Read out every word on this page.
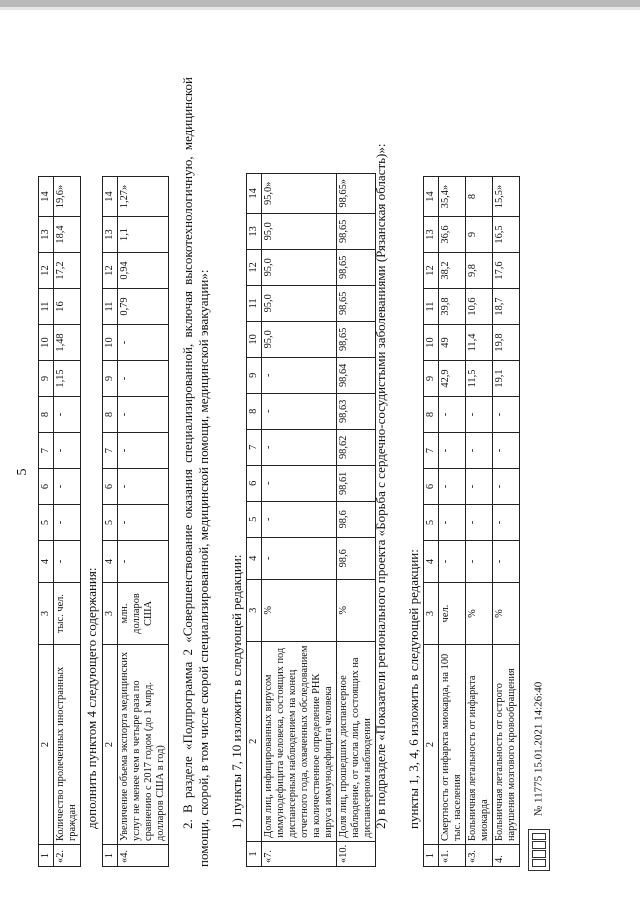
5
1	2	3	4	5	6	7	8	9	10	11	12	13	14
«2.	Количество пролеченных иностранных граждан	тыс. чел.	-	-	-	-	-	1,15	1,48	16	17,2	18,4	19,6»
дополнить пунктом 4 следующего содержания:
1	2	3	4	5	6	7	8	9	10	11	12	13	14
«4.	Увеличение объема экспорта медицинских услуг не менее чем в четыре раза по сравнению с 2017 годом (до 1 млрд. долларов США в год)	млн. долларов США	-	-	-	-	-	-	-	0,79	0,94	1,1	1,27»	2. В разделе «Подпрограмма 2 «Совершенствование оказания специализированной, включая высокотехнологичную, медицинской помощи, скорой, в том числе скорой специализированной, медицинской помощи, медицинской эвакуации»: 1) пункты 7, 10 изложить в следующей редакции:
1	2	3	4	5	6	7	8	9	10	11	12	13	14
«7.	Доля лиц, инфицированных вирусом иммунодефицита человека, состоящих под диспансерным наблюдением на конец отчетного года, охваченных обследованием на количественное определение РНК вируса иммунодефицита человека	%	-	-	-	-	-	-	95,0	95,0	95,0	95,0	95,0»
«10.	Доля лиц, прошедших диспансерное наблюдение, от числа лиц, состоящих на диспансерном наблюдении	%	98,6	98,6	98,61	98,62	98,63	98,64	98,65	98,65	98,65	98,65	98,65» 2) в подразделе «Показатели регионального проекта «Борьба с сердечно-сосудистыми заболеваниями (Рязанская область)»: пункты 1, 3, 4, 6 изложить в следующей редакции:
1	2	3	4	5	6	7	8	9	10	11	12	13	14
«1.	Смертность от инфаркта миокарда, на 100 тыс. населения	чел.	-	-	-	-	-	42,9	49	39,8	38,2	36,6	35,4»
«3.	Больничная летальность от инфаркта миокарда	%	-	-	-	-	-	11,5	11,4	10,6	9,8	9	8
4.	Больничная летальность от острого нарушения мозгового кровообращения	%	-	-	-	-	-	19,1	19,8	18,7	17,6	16,5	15,5»
№ 11775 15.01.2021 14:26:40
